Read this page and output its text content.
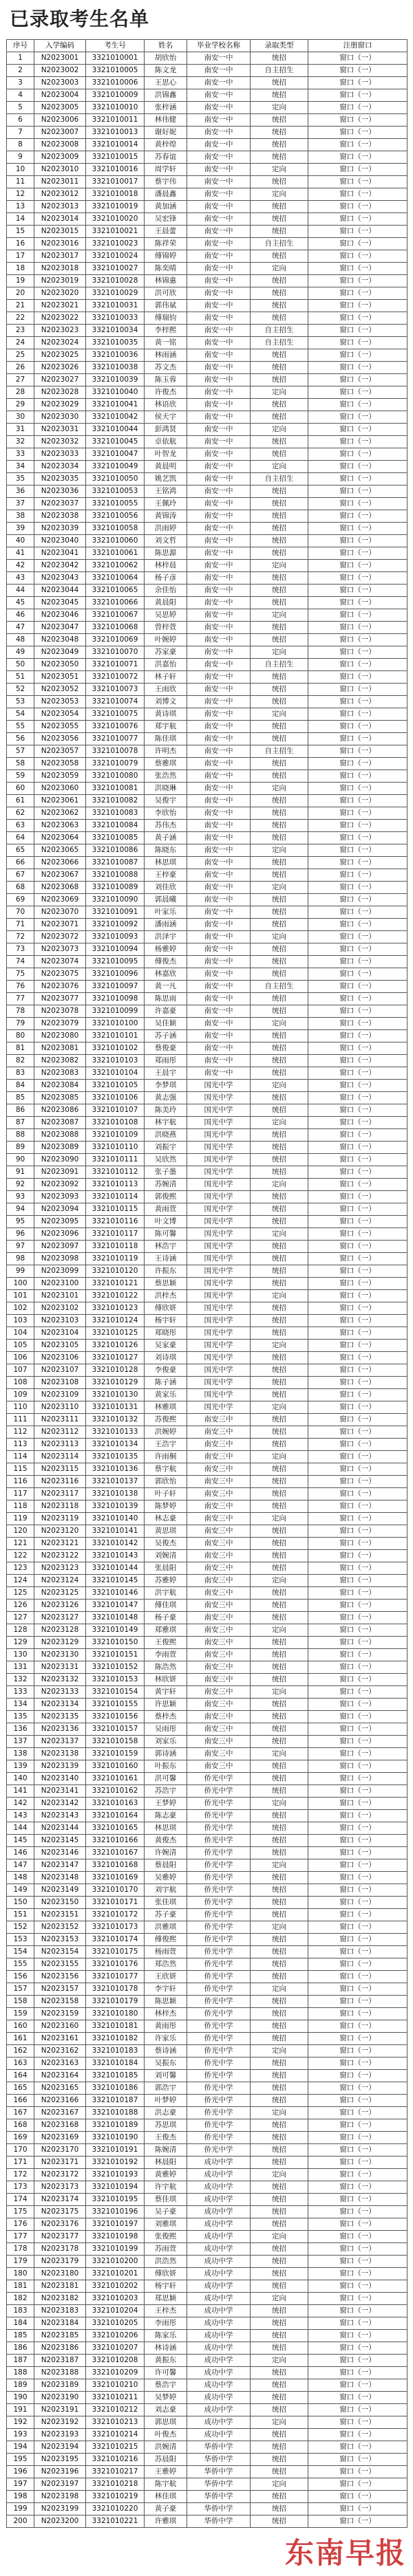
已录取考生名单
序号	入学编码	考生号	姓名	毕业学校名称	录取类型	注册窗口
1	N2023001	3321010001	胡欣怡	南安一中	统招	窗口（一）
2	N2023002	3321010005	陈文龙	南安一中	自主招生	窗口（一）
3	N2023003	3321010006	王思心	南安一中	统招	窗口（一）
4	N2023004	3321010009	洪锦鑫	南安一中	统招	窗口（一）
5	N2023005	3321010010	张梓涵	南安一中	定向	窗口（一）
6	N2023006	3321010011	林伟健	南安一中	统招	窗口（一）
7	N2023007	3321010013	谢好妮	南安一中	统招	窗口（一）
8	N2023008	3321010014	黄梓煌	南安一中	统招	窗口（一）
9	N2023009	3321010015	苏春谊	南安一中	统招	窗口（一）
10	N2023010	3321010016	周学轩	南安一中	定向	窗口（一）
11	N2023011	3321010017	蔡宇伟	南安一中	统招	窗口（一）
12	N2023012	3321010018	潘晨鑫	南安一中	定向	窗口（一）
13	N2023013	3321010019	黄加涵	南安一中	统招	窗口（一）
14	N2023014	3321010020	吴宏锋	南安一中	统招	窗口（一）
15	N2023015	3321010021	王晨蕾	南安一中	统招	窗口（一）
16	N2023016	3321010023	陈祥荣	南安一中	自主招生	窗口（一）
17	N2023017	3321010024	傅锦婷	南安一中	统招	窗口（一）
18	N2023018	3321010027	陈奕晴	南安一中	定向	窗口（一）
19	N2023019	3321010028	林锦惠	南安一中	统招	窗口（一）
20	N2023020	3321010029	洪可欣	南安一中	统招	窗口（一）
21	N2023021	3321010031	郭伟斌	南安一中	统招	窗口（一）
22	N2023022	3321010033	傅瑞钧	南安一中	统招	窗口（一）
23	N2023023	3321010034	李梓熙	南安一中	自主招生	窗口（一）
24	N2023024	3321010035	黄一铭	南安一中	自主招生	窗口（一）
25	N2023025	3321010036	林雨涵	南安一中	统招	窗口（一）
26	N2023026	3321010038	苏文杰	南安一中	统招	窗口（一）
27	N2023027	3321010039	陈玉蓉	南安一中	统招	窗口（一）
28	N2023028	3321010040	许俊杰	南安一中	定向	窗口（一）
29	N2023029	3321010041	林语欣	南安一中	统招	窗口（一）
30	N2023030	3321010042	侯天宇	南安一中	统招	窗口（一）
31	N2023031	3321010044	彭鸿贤	南安一中	定向	窗口（一）
32	N2023032	3321010045	卓依航	南安一中	统招	窗口（一）
33	N2023033	3321010047	叶智龙	南安一中	统招	窗口（一）
34	N2023034	3321010049	黄晨明	南安一中	定向	窗口（一）
35	N2023035	3321010050	姚艺凯	南安一中	自主招生	窗口（一）
36	N2023036	3321010053	王铭鸿	南安一中	统招	窗口（一）
37	N2023037	3321010055	王佩玲	南安一中	统招	窗口（一）
38	N2023038	3321010056	黄锦涛	南安一中	统招	窗口（一）
39	N2023039	3321010058	洪雨婷	南安一中	统招	窗口（一）
40	N2023040	3321010060	刘文哲	南安一中	统招	窗口（一）
41	N2023041	3321010061	陈思源	南安一中	统招	窗口（一）
42	N2023042	3321010062	林梓晨	南安一中	定向	窗口（一）
43	N2023043	3321010064	杨子彦	南安一中	统招	窗口（一）
44	N2023044	3321010065	余佳怡	南安一中	统招	窗口（一）
45	N2023045	3321010066	黄晨阳	南安一中	统招	窗口（一）
46	N2023046	3321010067	吴思婷	南安一中	定向	窗口（一）
47	N2023047	3321010068	曾梓萱	南安一中	统招	窗口（一）
48	N2023048	3321010069	叶婉婷	南安一中	统招	窗口（一）
49	N2023049	3321010070	苏家豪	南安一中	定向	窗口（一）
50	N2023050	3321010071	洪嘉怡	南安一中	自主招生	窗口（一）
51	N2023051	3321010072	林子轩	南安一中	统招	窗口（一）
52	N2023052	3321010073	王雨欣	南安一中	统招	窗口（一）
53	N2023053	3321010074	刘博文	南安一中	统招	窗口（一）
54	N2023054	3321010075	黄诗琪	南安一中	定向	窗口（一）
55	N2023055	3321010076	郑宇航	南安一中	统招	窗口（一）
56	N2023056	3321010077	陈佳琪	南安一中	统招	窗口（一）
57	N2023057	3321010078	许明杰	南安一中	自主招生	窗口（一）
58	N2023058	3321010079	蔡雅琪	南安一中	统招	窗口（一）
59	N2023059	3321010080	张浩然	南安一中	统招	窗口（一）
60	N2023060	3321010081	洪晓琳	南安一中	定向	窗口（一）
61	N2023061	3321010082	吴俊宇	南安一中	统招	窗口（一）
62	N2023062	3321010083	李欣怡	南安一中	统招	窗口（一）
63	N2023063	3321010084	苏伟杰	南安一中	统招	窗口（一）
64	N2023064	3321010085	黄子涵	南安一中	统招	窗口（一）
65	N2023065	3321010086	陈晓东	南安一中	定向	窗口（一）
66	N2023066	3321010087	林思琪	南安一中	统招	窗口（一）
67	N2023067	3321010088	王梓豪	南安一中	统招	窗口（一）
68	N2023068	3321010089	刘佳欣	南安一中	定向	窗口（一）
69	N2023069	3321010090	郭晨曦	南安一中	统招	窗口（一）
70	N2023070	3321010091	叶家乐	南安一中	统招	窗口（一）
71	N2023071	3321010092	潘雨涵	南安一中	统招	窗口（一）
72	N2023072	3321010093	洪泽宇	南安一中	定向	窗口（一）
73	N2023073	3321010094	杨雅婷	南安一中	统招	窗口（一）
74	N2023074	3321010095	傅俊杰	南安一中	统招	窗口（一）
75	N2023075	3321010096	林嘉欣	南安一中	统招	窗口（一）
76	N2023076	3321010097	黄一凡	南安一中	自主招生	窗口（一）
77	N2023077	3321010098	陈思雨	南安一中	统招	窗口（一）
78	N2023078	3321010099	许嘉豪	南安一中	统招	窗口（一）
79	N2023079	3321010100	吴佳颖	南安一中	定向	窗口（一）
80	N2023080	3321010101	苏子涵	南安一中	统招	窗口（一）
81	N2023081	3321010102	蔡俊豪	南安一中	统招	窗口（一）
82	N2023082	3321010103	郑雨彤	南安一中	统招	窗口（一）
83	N2023083	3321010104	王晨宇	南安一中	统招	窗口（一）
84	N2023084	3321010105	李梦琪	国光中学	定向	窗口（一）
85	N2023085	3321010106	黄志强	国光中学	统招	窗口（一）
86	N2023086	3321010107	陈美玲	国光中学	统招	窗口（一）
87	N2023087	3321010108	林宇航	国光中学	定向	窗口（一）
88	N2023088	3321010109	洪晓燕	国光中学	统招	窗口（一）
89	N2023089	3321010110	刘振宇	国光中学	统招	窗口（一）
90	N2023090	3321010111	吴欣然	国光中学	统招	窗口（一）
91	N2023091	3321010112	张子墨	国光中学	统招	窗口（一）
92	N2023092	3321010113	苏婉清	国光中学	定向	窗口（一）
93	N2023093	3321010114	郭俊熙	国光中学	统招	窗口（一）
94	N2023094	3321010115	黄雨萱	国光中学	统招	窗口（一）
95	N2023095	3321010116	叶文博	国光中学	统招	窗口（一）
96	N2023096	3321010117	陈可馨	国光中学	定向	窗口（一）
97	N2023097	3321010118	林浩宇	国光中学	统招	窗口（一）
98	N2023098	3321010119	王诗涵	国光中学	统招	窗口（一）
99	N2023099	3321010120	许振东	国光中学	统招	窗口（一）
100	N2023100	3321010121	蔡思颖	国光中学	统招	窗口（一）
101	N2023101	3321010122	洪梓杰	国光中学	定向	窗口（一）
102	N2023102	3321010123	傅欣妍	国光中学	统招	窗口（一）
103	N2023103	3321010124	杨宇轩	国光中学	统招	窗口（一）
104	N2023104	3321010125	郑晓彤	国光中学	统招	窗口（一）
105	N2023105	3321010126	吴家豪	国光中学	定向	窗口（一）
106	N2023106	3321010127	刘诗琪	国光中学	统招	窗口（一）
107	N2023107	3321010128	李俊豪	国光中学	统招	窗口（一）
108	N2023108	3321010129	陈子涵	国光中学	统招	窗口（一）
109	N2023109	3321010130	黄家乐	国光中学	统招	窗口（一）
110	N2023110	3321010131	林雅琪	国光中学	定向	窗口（一）
111	N2023111	3321010132	苏俊熙	南安三中	统招	窗口（一）
112	N2023112	3321010133	洪婉婷	南安三中	统招	窗口（一）
113	N2023113	3321010134	王浩宇	南安三中	统招	窗口（一）
114	N2023114	3321010135	许雨桐	南安三中	定向	窗口（一）
115	N2023115	3321010136	蔡宇航	南安三中	统招	窗口（一）
116	N2023116	3321010137	郭欣怡	南安三中	统招	窗口（一）
117	N2023117	3321010138	叶子轩	南安三中	统招	窗口（一）
118	N2023118	3321010139	陈梦婷	南安三中	统招	窗口（一）
119	N2023119	3321010140	林志豪	南安三中	定向	窗口（一）
120	N2023120	3321010141	黄思琪	南安三中	统招	窗口（一）
121	N2023121	3321010142	吴俊杰	南安三中	统招	窗口（一）
122	N2023122	3321010143	刘婉清	南安三中	统招	窗口（一）
123	N2023123	3321010144	张晨阳	南安三中	统招	窗口（一）
124	N2023124	3321010145	苏雅婷	南安三中	定向	窗口（一）
125	N2023125	3321010146	洪宇航	南安三中	统招	窗口（一）
126	N2023126	3321010147	傅佳琪	南安三中	统招	窗口（一）
127	N2023127	3321010148	杨子豪	南安三中	统招	窗口（一）
128	N2023128	3321010149	郑雅琪	南安三中	定向	窗口（一）
129	N2023129	3321010150	王俊熙	南安三中	统招	窗口（一）
130	N2023130	3321010151	李雨萱	南安三中	统招	窗口（一）
131	N2023131	3321010152	陈浩然	南安三中	统招	窗口（一）
132	N2023132	3321010153	林欣妍	南安三中	统招	窗口（一）
133	N2023133	3321010154	黄宇轩	南安三中	定向	窗口（一）
134	N2023134	3321010155	许思颖	南安三中	统招	窗口（一）
135	N2023135	3321010156	蔡梓杰	南安三中	统招	窗口（一）
136	N2023136	3321010157	吴雨彤	南安三中	统招	窗口（一）
137	N2023137	3321010158	刘家乐	南安三中	统招	窗口（一）
138	N2023138	3321010159	郭诗涵	南安三中	定向	窗口（一）
139	N2023139	3321010160	叶振东	南安三中	统招	窗口（一）
140	N2023140	3321010161	洪可馨	侨光中学	统招	窗口（一）
141	N2023141	3321010162	苏浩宇	侨光中学	统招	窗口（一）
142	N2023142	3321010163	王梦婷	侨光中学	定向	窗口（一）
143	N2023143	3321010164	陈志豪	侨光中学	统招	窗口（一）
144	N2023144	3321010165	林思琪	侨光中学	统招	窗口（一）
145	N2023145	3321010166	黄俊杰	侨光中学	统招	窗口（一）
146	N2023146	3321010167	许婉清	侨光中学	统招	窗口（一）
147	N2023147	3321010168	蔡晨阳	侨光中学	定向	窗口（一）
148	N2023148	3321010169	吴雅婷	侨光中学	统招	窗口（一）
149	N2023149	3321010170	刘宇航	侨光中学	统招	窗口（一）
150	N2023150	3321010171	张佳琪	侨光中学	统招	窗口（一）
151	N2023151	3321010172	苏子豪	侨光中学	统招	窗口（一）
152	N2023152	3321010173	洪雅琪	侨光中学	定向	窗口（一）
153	N2023153	3321010174	傅俊熙	侨光中学	统招	窗口（一）
154	N2023154	3321010175	杨雨萱	侨光中学	统招	窗口（一）
155	N2023155	3321010176	郑浩然	侨光中学	统招	窗口（一）
156	N2023156	3321010177	王欣妍	侨光中学	统招	窗口（一）
157	N2023157	3321010178	李宇轩	侨光中学	定向	窗口（一）
158	N2023158	3321010179	陈思颖	侨光中学	统招	窗口（一）
159	N2023159	3321010180	林梓杰	侨光中学	统招	窗口（一）
160	N2023160	3321010181	黄雨彤	侨光中学	统招	窗口（一）
161	N2023161	3321010182	许家乐	侨光中学	统招	窗口（一）
162	N2023162	3321010183	蔡诗涵	侨光中学	定向	窗口（一）
163	N2023163	3321010184	吴振东	侨光中学	统招	窗口（一）
164	N2023164	3321010185	刘可馨	侨光中学	统招	窗口（一）
165	N2023165	3321010186	郭浩宇	侨光中学	统招	窗口（一）
166	N2023166	3321010187	叶梦婷	侨光中学	统招	窗口（一）
167	N2023167	3321010188	洪志豪	侨光中学	定向	窗口（一）
168	N2023168	3321010189	苏思琪	侨光中学	统招	窗口（一）
169	N2023169	3321010190	王俊杰	侨光中学	统招	窗口（一）
170	N2023170	3321010191	陈婉清	侨光中学	统招	窗口（一）
171	N2023171	3321010192	林晨阳	成功中学	统招	窗口（一）
172	N2023172	3321010193	黄雅婷	成功中学	定向	窗口（一）
173	N2023173	3321010194	许宇航	成功中学	统招	窗口（一）
174	N2023174	3321010195	蔡佳琪	成功中学	统招	窗口（一）
175	N2023175	3321010196	吴子豪	成功中学	统招	窗口（一）
176	N2023176	3321010197	刘雅琪	成功中学	统招	窗口（一）
177	N2023177	3321010198	张俊熙	成功中学	定向	窗口（一）
178	N2023178	3321010199	苏雨萱	成功中学	统招	窗口（一）
179	N2023179	3321010200	洪浩然	成功中学	统招	窗口（一）
180	N2023180	3321010201	傅欣妍	成功中学	统招	窗口（一）
181	N2023181	3321010202	杨宇轩	成功中学	统招	窗口（一）
182	N2023182	3321010203	郑思颖	成功中学	定向	窗口（一）
183	N2023183	3321010204	王梓杰	成功中学	统招	窗口（一）
184	N2023184	3321010205	李雨彤	成功中学	统招	窗口（一）
185	N2023185	3321010206	陈家乐	成功中学	统招	窗口（一）
186	N2023186	3321010207	林诗涵	成功中学	统招	窗口（一）
187	N2023187	3321010208	黄振东	成功中学	定向	窗口（一）
188	N2023188	3321010209	许可馨	成功中学	统招	窗口（一）
189	N2023189	3321010210	蔡浩宇	成功中学	统招	窗口（一）
190	N2023190	3321010211	吴梦婷	成功中学	统招	窗口（一）
191	N2023191	3321010212	刘志豪	成功中学	统招	窗口（一）
192	N2023192	3321010213	郭思琪	成功中学	定向	窗口（一）
193	N2023193	3321010214	叶俊杰	成功中学	统招	窗口（一）
194	N2023194	3321010215	洪婉清	华侨中学	统招	窗口（一）
195	N2023195	3321010216	苏晨阳	华侨中学	统招	窗口（一）
196	N2023196	3321010217	王雅婷	华侨中学	统招	窗口（一）
197	N2023197	3321010218	陈宇航	华侨中学	定向	窗口（一）
198	N2023198	3321010219	林佳琪	华侨中学	统招	窗口（一）
199	N2023199	3321010220	黄子豪	华侨中学	统招	窗口（一）
200	N2023200	3321010221	许雅琪	华侨中学	统招	窗口（一）
东南早报
